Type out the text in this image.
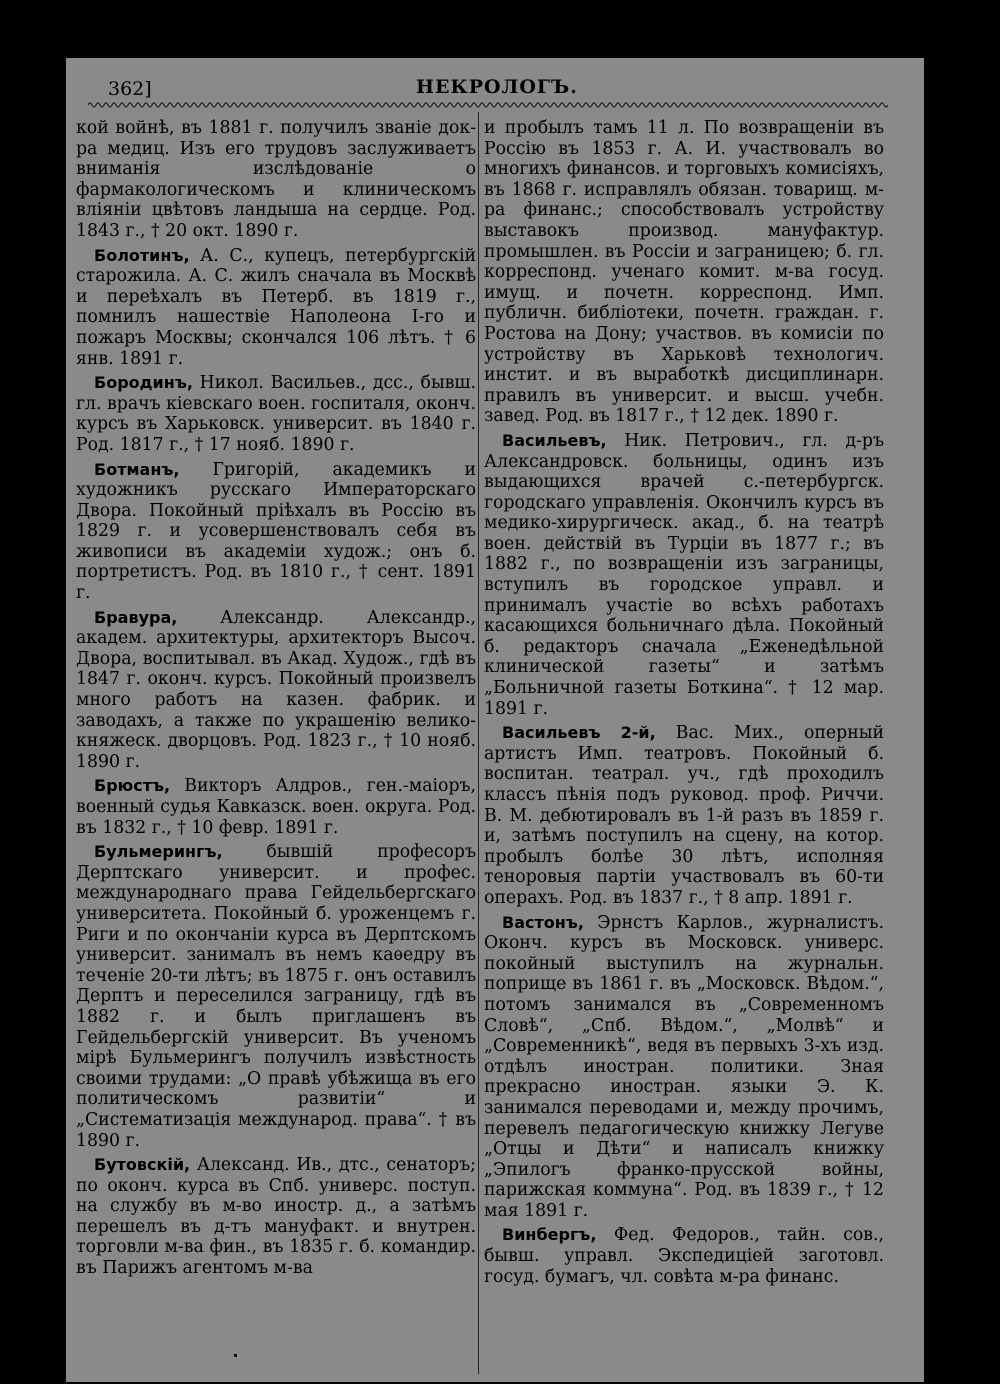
362]	НЕКРОЛОГЪ.

кой войнѣ, въ 1881 г. получилъ званіе док-ра медиц. Изъ его трудовъ заслуживаетъ вниманія изслѣдованіе о фармакологическомъ и клиническомъ вліяніи цвѣтовъ ландыша на сердце. Род. 1843 г., † 20 окт. 1890 г.

Болотинъ, А. С., купецъ, петербургскій старожила. А. С. жилъ сначала въ Москвѣ и переѣхалъ въ Петерб. въ 1819 г., помнилъ нашествіе Наполеона I-го и пожаръ Москвы; скончался 106 лѣтъ. † 6 янв. 1891 г.

Бородинъ, Никол. Васильев., дсс., бывш. гл. врачъ кіевскаго воен. госпиталя, оконч. курсъ въ Харьковск. университ. въ 1840 г. Род. 1817 г., † 17 нояб. 1890 г.

Ботманъ, Григорій, академикъ и художникъ русскаго Императорскаго Двора. Покойный пріѣхалъ въ Россію въ 1829 г. и усовершенствовалъ себя въ живописи въ академіи худож.; онъ б. портретистъ. Род. въ 1810 г., † сент. 1891 г.

Бравура, Александр. Александр., академ. архитектуры, архитекторъ Высоч. Двора, воспитывал. въ Акад. Худож., гдѣ въ 1847 г. оконч. курсъ. Покойный произвелъ много работъ на казен. фабрик. и заводахъ, а также по украшенію велико-княжеск. дворцовъ. Род. 1823 г., † 10 нояб. 1890 г.

Брюстъ, Викторъ Алдров., ген.-маіоръ, военный судья Кавказск. воен. округа. Род. въ 1832 г., † 10 февр. 1891 г.

Бульмерингъ, бывшій професоръ Дерптскаго университ. и профес. международнаго права Гейдельбергскаго университета. Покойный б. уроженцемъ г. Риги и по окончаніи курса въ Дерптскомъ университ. занималъ въ немъ каѳедру въ теченіе 20-ти лѣтъ; въ 1875 г. онъ оставилъ Дерптъ и переселился заграницу, гдѣ въ 1882 г. и былъ приглашенъ въ Гейдельбергскій университ. Въ ученомъ мірѣ Бульмерингъ получилъ извѣстность своими трудами: „О правѣ убѣжища въ его политическомъ развитіи“ и „Систематизація международ. права“. † въ 1890 г.

Бутовскій, Александ. Ив., дтс., сенаторъ; по оконч. курса въ Спб. универс. поступ. на службу въ м-во иностр. д., а затѣмъ перешелъ въ д-тъ мануфакт. и внутрен. торговли м-ва фин., въ 1835 г. б. командир. въ Парижъ агентомъ м-ва

и пробылъ тамъ 11 л. По возвращеніи въ Россію въ 1853 г. А. И. участвовалъ во многихъ финансов. и торговыхъ комисіяхъ, въ 1868 г. исправлялъ обязан. товарищ. м-ра финанс.; способствовалъ устройству выставокъ производ. мануфактур. промышлен. въ Россіи и заграницею; б. гл. корреспонд. ученаго комит. м-ва госуд. имущ. и почетн. корреспонд. Имп. публичн. библіотеки, почетн. граждан. г. Ростова на Дону; участвов. въ комисіи по устройству въ Харьковѣ технологич. инстит. и въ выработкѣ дисциплинарн. правилъ въ университ. и высш. учебн. завед. Род. въ 1817 г., † 12 дек. 1890 г.

Васильевъ, Ник. Петрович., гл. д-ръ Александровск. больницы, одинъ изъ выдающихся врачей с.-петербургск. городскаго управленія. Окончилъ курсъ въ медико-хирургическ. акад., б. на театрѣ воен. действій въ Турціи въ 1877 г.; въ 1882 г., по возвращеніи изъ заграницы, вступилъ въ городское управл. и принималъ участіе во всѣхъ работахъ касающихся больничнаго дѣла. Покойный б. редакторъ сначала „Еженедѣльной клинической газеты“ и затѣмъ „Больничной газеты Боткина“. † 12 мар. 1891 г.

Васильевъ 2-й, Вас. Мих., оперный артистъ Имп. театровъ. Покойный б. воспитан. театрал. уч., гдѣ проходилъ классъ пѣнія подъ руковод. проф. Риччи. В. М. дебютировалъ въ 1-й разъ въ 1859 г. и, затѣмъ поступилъ на сцену, на котор. пробылъ болѣе 30 лѣтъ, исполняя теноровыя партіи участвовалъ въ 60-ти операхъ. Род. въ 1837 г., † 8 апр. 1891 г.

Вастонъ, Эрнстъ Карлов., журналистъ. Оконч. курсъ въ Московск. универс. покойный выступилъ на журнальн. поприще въ 1861 г. въ „Московск. Вѣдом.“, потомъ занимался въ „Современномъ Словѣ“, „Спб. Вѣдом.“, „Молвѣ“ и „Современникѣ“, ведя въ первыхъ 3-хъ изд. отдѣлъ иностран. политики. Зная прекрасно иностран. языки Э. К. занимался переводами и, между прочимъ, перевелъ педагогическую книжку Легуве „Отцы и Дѣти“ и написалъ книжку „Эпилогъ франко-прусской войны, парижская коммуна“. Род. въ 1839 г., † 12 мая 1891 г.

Винбергъ, Фед. Федоров., тайн. сов., бывш. управл. Экспедиціей заготовл. госуд. бумагъ, чл. совѣта м-ра финанс.
